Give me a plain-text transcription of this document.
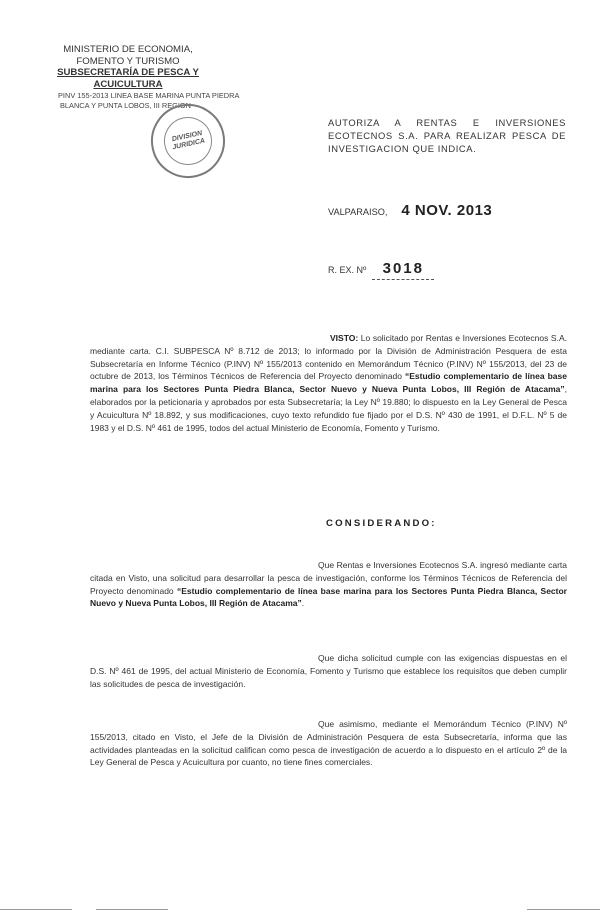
MINISTERIO DE ECONOMIA,
FOMENTO Y TURISMO
SUBSECRETARÍA DE PESCA Y ACUICULTURA
PINV 155-2013 LINEA BASE MARINA PUNTA PIEDRA
BLANCA Y PUNTA LOBOS, III REGION
DIVISION JURIDICA
AUTORIZA A RENTAS E INVERSIONES ECOTECNOS S.A. PARA REALIZAR PESCA DE INVESTIGACION QUE INDICA.
VALPARAISO, 4 NOV. 2013
R. EX. Nº	3018
VISTO: Lo solicitado por Rentas e Inversiones Ecotecnos S.A. mediante carta. C.I. SUBPESCA Nº 8.712 de 2013; lo informado por la División de Administración Pesquera de esta Subsecretaría en Informe Técnico (P.INV) Nº 155/2013 contenido en Memorándum Técnico (P.INV) Nº 155/2013, del 23 de octubre de 2013, los Términos Técnicos de Referencia del Proyecto denominado “Estudio complementario de línea base marina para los Sectores Punta Piedra Blanca, Sector Nuevo y Nueva Punta Lobos, III Región de Atacama”, elaborados por la peticionaria y aprobados por esta Subsecretaría; la Ley Nº 19.880; lo dispuesto en la Ley General de Pesca y Acuicultura Nº 18.892, y sus modificaciones, cuyo texto refundido fue fijado por el D.S. Nº 430 de 1991, el D.F.L. Nº 5 de 1983 y el D.S. Nº 461 de 1995, todos del actual Ministerio de Economía, Fomento y Turismo.
CONSIDERANDO:
Que Rentas e Inversiones Ecotecnos S.A. ingresó mediante carta citada en Visto, una solicitud para desarrollar la pesca de investigación, conforme los Términos Técnicos de Referencia del Proyecto denominado “Estudio complementario de línea base marina para los Sectores Punta Piedra Blanca, Sector Nuevo y Nueva Punta Lobos, III Región de Atacama”.
Que dicha solicitud cumple con las exigencias dispuestas en el D.S. Nº 461 de 1995, del actual Ministerio de Economía, Fomento y Turismo que establece los requisitos que deben cumplir las solicitudes de pesca de investigación.
Que asimismo, mediante el Memorándum Técnico (P.INV) Nº 155/2013, citado en Visto, el Jefe de la División de Administración Pesquera de esta Subsecretaría, informa que las actividades planteadas en la solicitud califican como pesca de investigación de acuerdo a lo dispuesto en el artículo 2º de la Ley General de Pesca y Acuicultura por cuanto, no tiene fines comerciales.
